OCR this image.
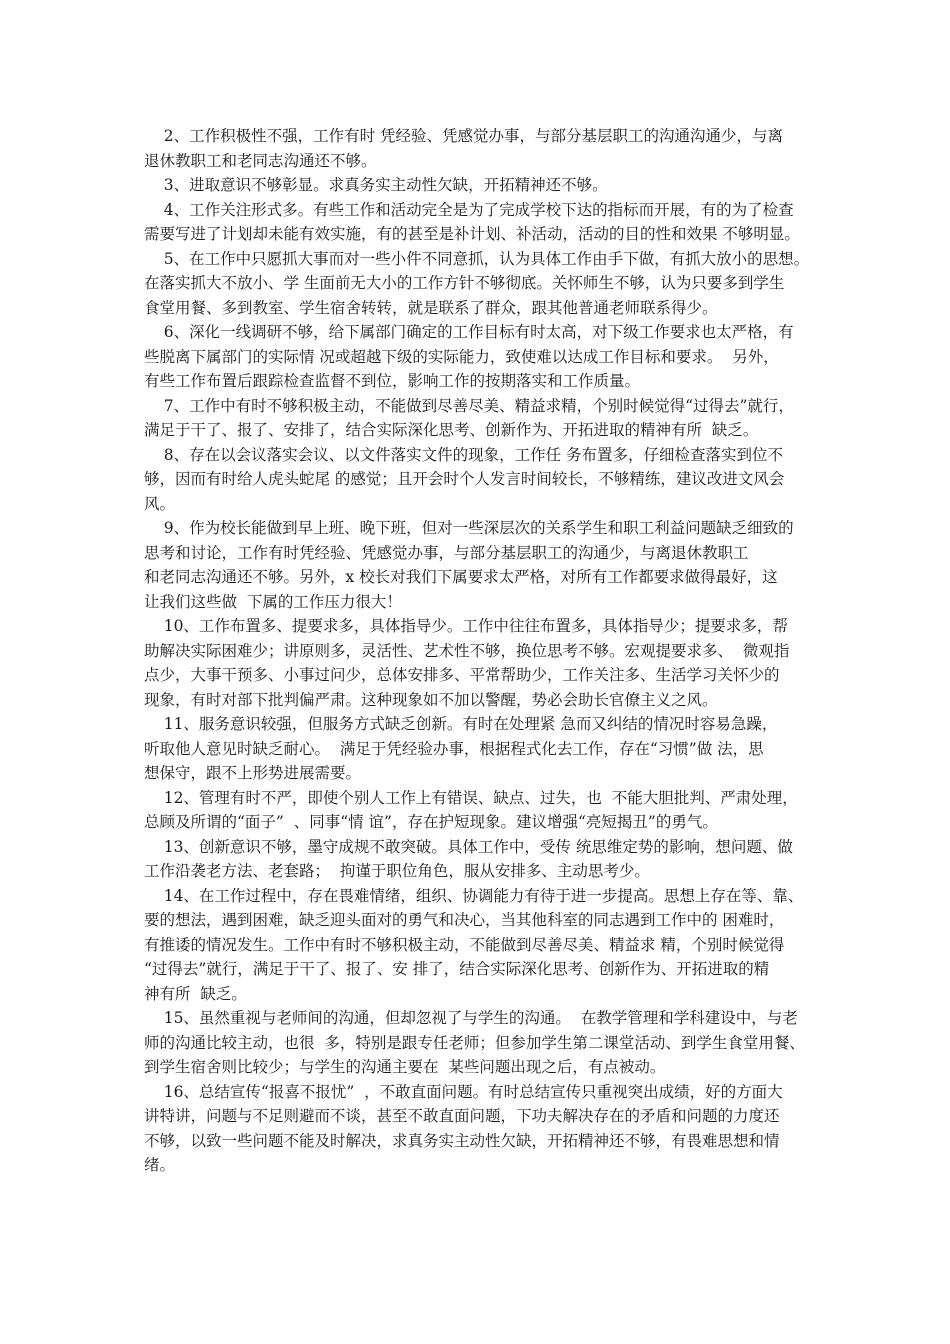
2、工作积极性不强，工作有时 凭经验、凭感觉办事，与部分基层职工的沟通沟通少，与离
退休教职工和老同志沟通还不够。
3、进取意识不够彰显。求真务实主动性欠缺，开拓精神还不够。
4、工作关注形式多。有些工作和活动完全是为了完成学校下达的指标而开展，有的为了检查
需要写进了计划却未能有效实施，有的甚至是补计划、补活动，活动的目的性和效果 不够明显。
5、在工作中只愿抓大事而对一些小件不同意抓，认为具体工作由手下做，有抓大放小的思想。
在落实抓大不放小、学 生面前无大小的工作方针不够彻底。关怀师生不够，认为只要多到学生
食堂用餐、多到教室、学生宿舍转转，就是联系了群众，跟其他普通老师联系得少。
6、深化一线调研不够，给下属部门确定的工作目标有时太高，对下级工作要求也太严格，有
些脱离下属部门的实际情 况或超越下级的实际能力，致使难以达成工作目标和要求。  另外，
有些工作布置后跟踪检查监督不到位，影响工作的按期落实和工作质量。
7、工作中有时不够积极主动，不能做到尽善尽美、精益求精，个别时候觉得“过得去”就行，
满足于干了、报了、安排了，结合实际深化思考、创新作为、开拓进取的精神有所  缺乏。
8、存在以会议落实会议、以文件落实文件的现象，工作任 务布置多，仔细检查落实到位不
够，因而有时给人虎头蛇尾 的感觉；且开会时个人发言时间较长，不够精练，建议改进文风会
风。
9、作为校长能做到早上班、晚下班，但对一些深层次的关系学生和职工利益问题缺乏细致的
思考和讨论，工作有时凭经验、凭感觉办事，与部分基层职工的沟通少，与离退休教职工
和老同志沟通还不够。另外，x 校长对我们下属要求太严格，对所有工作都要求做得最好，这
让我们这些做  下属的工作压力很大！
10、工作布置多、提要求多，具体指导少。工作中往往布置多，具体指导少；提要求多，帮
助解决实际困难少；讲原则多，灵活性、艺术性不够，换位思考不够。宏观提要求多、  微观指
点少，大事干预多、小事过问少，总体安排多、平常帮助少，工作关注多、生活学习关怀少的
现象，有时对部下批判偏严肃。这种现象如不加以警醒，势必会助长官僚主义之风。
11、服务意识较强，但服务方式缺乏创新。有时在处理紧 急而又纠结的情况时容易急躁，
听取他人意见时缺乏耐心。  满足于凭经验办事，根据程式化去工作，存在“习惯”做 法，思
想保守，跟不上形势进展需要。
12、管理有时不严，即使个别人工作上有错误、缺点、过失，也  不能大胆批判、严肃处理，
总顾及所谓的“面子”  、同事“情 谊”，存在护短现象。建议增强“亮短揭丑”的勇气。
13、创新意识不够，墨守成规不敢突破。具体工作中，受传 统思维定势的影响，想问题、做
工作沿袭老方法、老套路；  拘谨于职位角色，服从安排多、主动思考少。
14、在工作过程中，存在畏难情绪，组织、协调能力有待于进一步提高。思想上存在等、靠、
要的想法，遇到困难，缺乏迎头面对的勇气和决心，当其他科室的同志遇到工作中的 困难时，
有推诿的情况发生。工作中有时不够积极主动，不能做到尽善尽美、精益求 精，个别时候觉得
“过得去”就行，满足于干了、报了、安 排了，结合实际深化思考、创新作为、开拓进取的精
神有所  缺乏。
15、虽然重视与老师间的沟通，但却忽视了与学生的沟通。  在教学管理和学科建设中，与老
师的沟通比较主动，也很  多，特别是跟专任老师；但参加学生第二课堂活动、到学生食堂用餐、
到学生宿舍则比较少；与学生的沟通主要在  某些问题出现之后，有点被动。
16、总结宣传“报喜不报忧”  ，不敢直面问题。有时总结宣传只重视突出成绩，好的方面大
讲特讲，问题与不足则避而不谈，甚至不敢直面问题，下功夫解决存在的矛盾和问题的力度还
不够，以致一些问题不能及时解决，求真务实主动性欠缺，开拓精神还不够，有畏难思想和情
绪。
